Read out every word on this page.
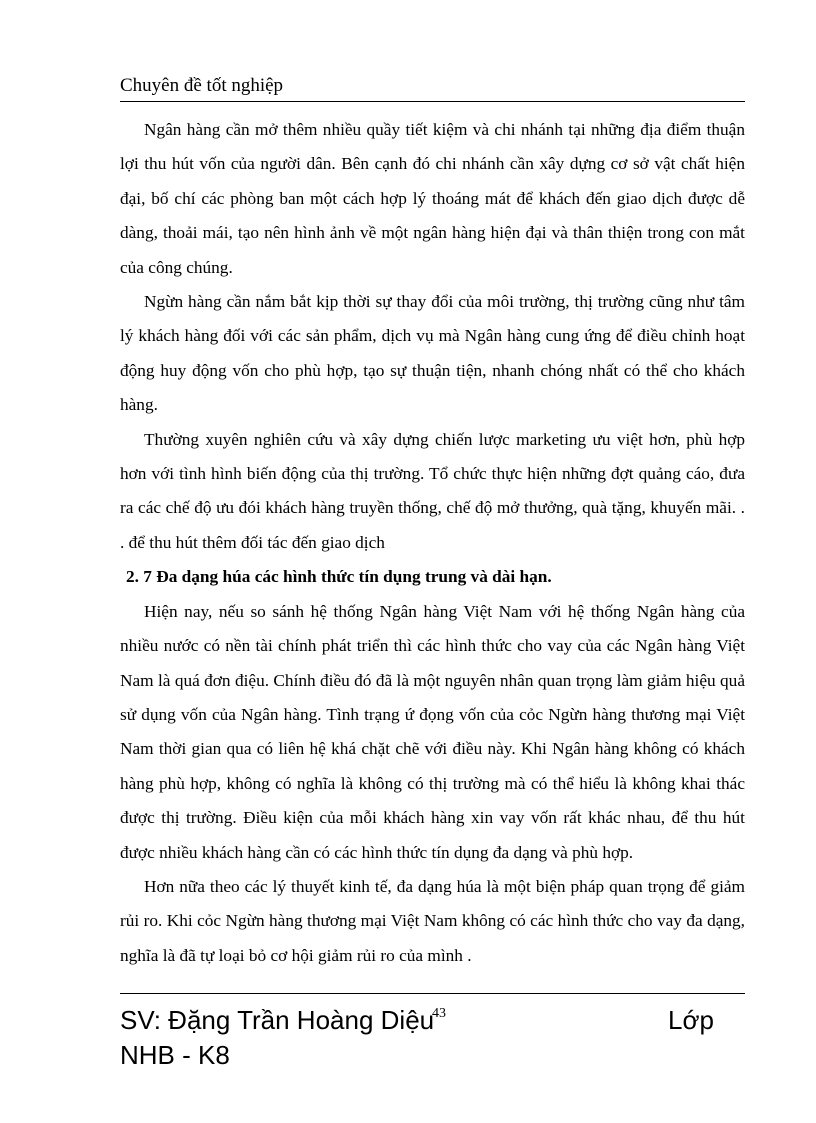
Chuyên đề tốt nghiệp

Ngân hàng cần mở thêm nhiều quầy tiết kiệm và chi nhánh tại những địa điểm thuận lợi thu hút vốn của người dân. Bên cạnh đó chi nhánh cần xây dựng cơ sở vật chất hiện đại, bố chí các phòng ban một cách hợp lý thoáng mát để khách đến giao dịch được dễ dàng, thoải mái, tạo nên hình ảnh về một ngân hàng hiện đại và thân thiện trong con mắt của công chúng.

Ngừn hàng cần nắm bắt kịp thời sự thay đổi của môi trường, thị trường cũng như tâm lý khách hàng đối với các sản phẩm, dịch vụ mà Ngân hàng cung ứng để điều chỉnh hoạt động huy động vốn cho phù hợp, tạo sự thuận tiện, nhanh chóng nhất có thể cho khách hàng.

Thường xuyên nghiên cứu và xây dựng chiến lược marketing ưu việt hơn, phù hợp hơn với tình hình biến động của thị trường. Tổ chức thực hiện những đợt quảng cáo, đưa ra các chế độ ưu đói khách hàng truyền thống, chế độ mở thưởng, quà tặng, khuyến mãi. . . để thu hút thêm đối tác đến giao dịch

2. 7 Đa dạng húa các hình thức tín dụng trung và dài hạn.

Hiện nay, nếu so sánh hệ thống Ngân hàng Việt Nam với hệ thống Ngân hàng của nhiều nước có nền tài chính phát triển thì các hình thức cho vay của các Ngân hàng Việt Nam là quá đơn điệu. Chính điều đó đã là một nguyên nhân quan trọng làm giảm hiệu quả sử dụng vốn của Ngân hàng. Tình trạng ứ đọng vốn của cỏc Ngừn hàng thương mại Việt Nam thời gian qua có liên hệ khá chặt chẽ với điều này. Khi Ngân hàng không có khách hàng phù hợp, không có nghĩa là không có thị trường mà có thể hiểu là không khai thác được thị trường. Điều kiện của mỗi khách hàng xin vay vốn rất khác nhau, để thu hút được nhiều khách hàng cần có các hình thức tín dụng đa dạng và phù hợp.

Hơn nữa theo các lý thuyết kinh tế, đa dạng húa là một biện pháp quan trọng để giảm rủi ro. Khi cỏc Ngừn hàng thương mại Việt Nam không có các hình thức cho vay đa dạng, nghĩa là đã tự loại bỏ cơ hội giảm rủi ro của mình .

SV: Đặng Trần Hoàng Diệu
NHB - K8
43	Lớp
